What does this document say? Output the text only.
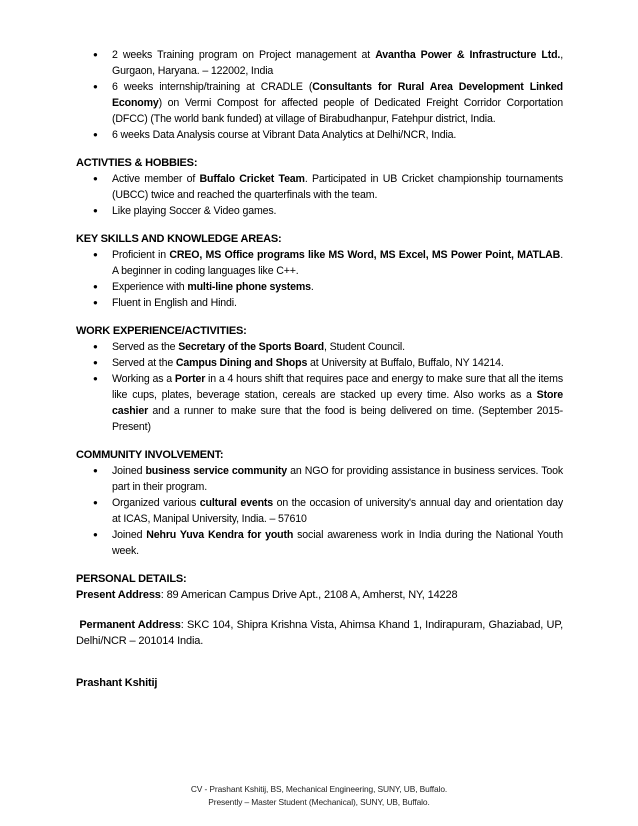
● 2 weeks Training program on Project management at Avantha Power & Infrastructure Ltd., Gurgaon, Haryana. – 122002, India
● 6 weeks internship/training at CRADLE (Consultants for Rural Area Development Linked Economy) on Vermi Compost for affected people of Dedicated Freight Corridor Corportation (DFCC) (The world bank funded) at village of Birabudhanpur, Fatehpur district, India.
● 6 weeks Data Analysis course at Vibrant Data Analytics at Delhi/NCR, India.
ACTIVTIES & HOBBIES:
● Active member of Buffalo Cricket Team. Participated in UB Cricket championship tournaments (UBCC) twice and reached the quarterfinals with the team.
● Like playing Soccer & Video games.
KEY SKILLS AND KNOWLEDGE AREAS:
● Proficient in CREO, MS Office programs like MS Word, MS Excel, MS Power Point, MATLAB. A beginner in coding languages like C++.
● Experience with multi-line phone systems.
● Fluent in English and Hindi.
WORK EXPERIENCE/ACTIVITIES:
● Served as the Secretary of the Sports Board, Student Council.
● Served at the Campus Dining and Shops at University at Buffalo, Buffalo, NY 14214.
● Working as a Porter in a 4 hours shift that requires pace and energy to make sure that all the items like cups, plates, beverage station, cereals are stacked up every time. Also works as a Store cashier and a runner to make sure that the food is being delivered on time. (September 2015- Present)
COMMUNITY INVOLVEMENT:
● Joined business service community an NGO for providing assistance in business services. Took part in their program.
● Organized various cultural events on the occasion of university's annual day and orientation day at ICAS, Manipal University, India. – 57610
● Joined Nehru Yuva Kendra for youth social awareness work in India during the National Youth week.
PERSONAL DETAILS:
Present Address: 89 American Campus Drive Apt., 2108 A, Amherst, NY, 14228
Permanent Address: SKC 104, Shipra Krishna Vista, Ahimsa Khand 1, Indirapuram, Ghaziabad, UP, Delhi/NCR – 201014 India.
Prashant Kshitij
CV - Prashant Kshitij, BS, Mechanical Engineering, SUNY, UB, Buffalo.
Presently – Master Student (Mechanical), SUNY, UB, Buffalo.
